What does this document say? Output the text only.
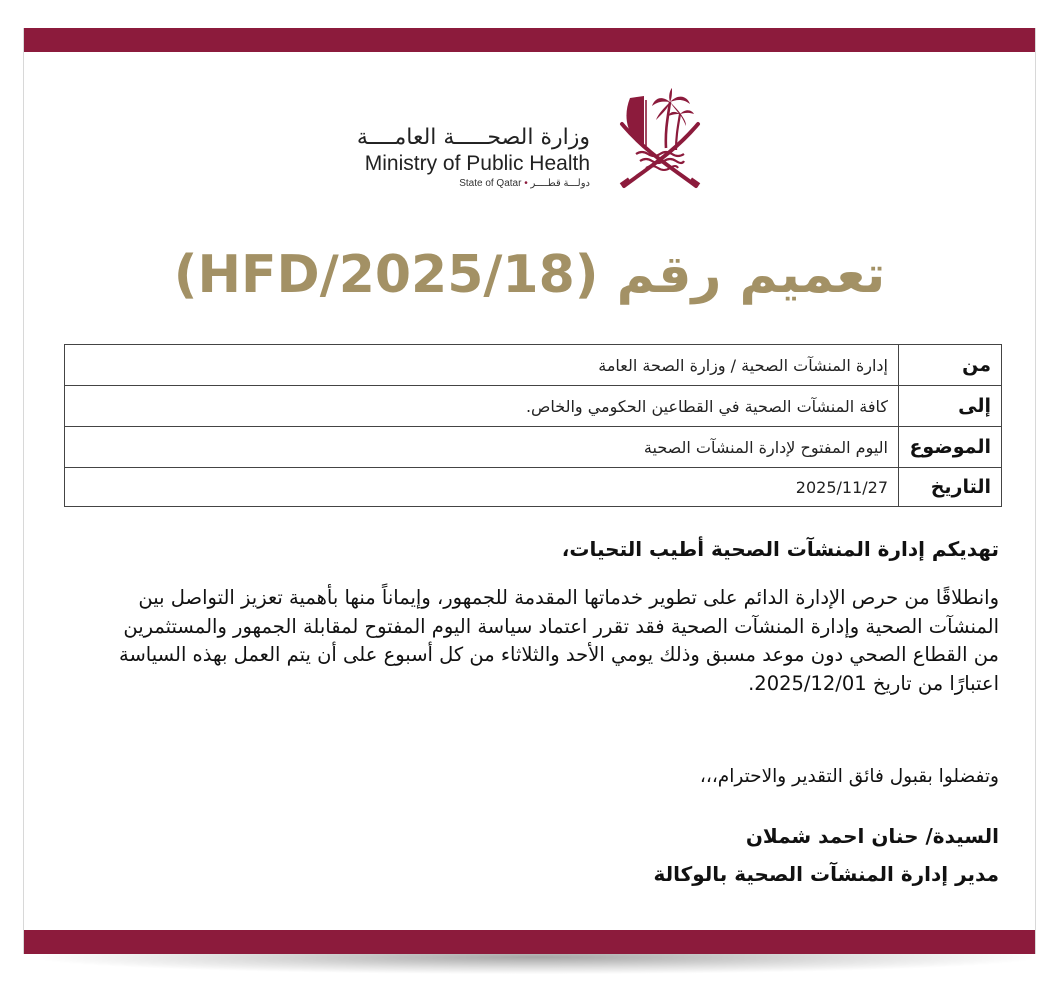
وزارة الصحـــــة العامــــة
Ministry of Public Health
دولـــة قطــــر • State of Qatar
تعميم رقم (HFD/2025/18)
من	إدارة المنشآت الصحية / وزارة الصحة العامة
إلى	كافة المنشآت الصحية في القطاعين الحكومي والخاص.
الموضوع	اليوم المفتوح لإدارة المنشآت الصحية
التاريخ	2025/11/27
تهديكم إدارة المنشآت الصحية أطيب التحيات،
وانطلاقًا من حرص الإدارة الدائم على تطوير خدماتها المقدمة للجمهور، وإيماناً منها بأهمية تعزيز التواصل بين المنشآت الصحية وإدارة المنشآت الصحية فقد تقرر اعتماد سياسة اليوم المفتوح لمقابلة الجمهور والمستثمرين من القطاع الصحي دون موعد مسبق وذلك يومي الأحد والثلاثاء من كل أسبوع على أن يتم العمل بهذه السياسة اعتبارًا من تاريخ 2025/12/01.
وتفضلوا بقبول فائق التقدير والاحترام،،،
السيدة/ حنان احمد شملان
مدير إدارة المنشآت الصحية بالوكالة
